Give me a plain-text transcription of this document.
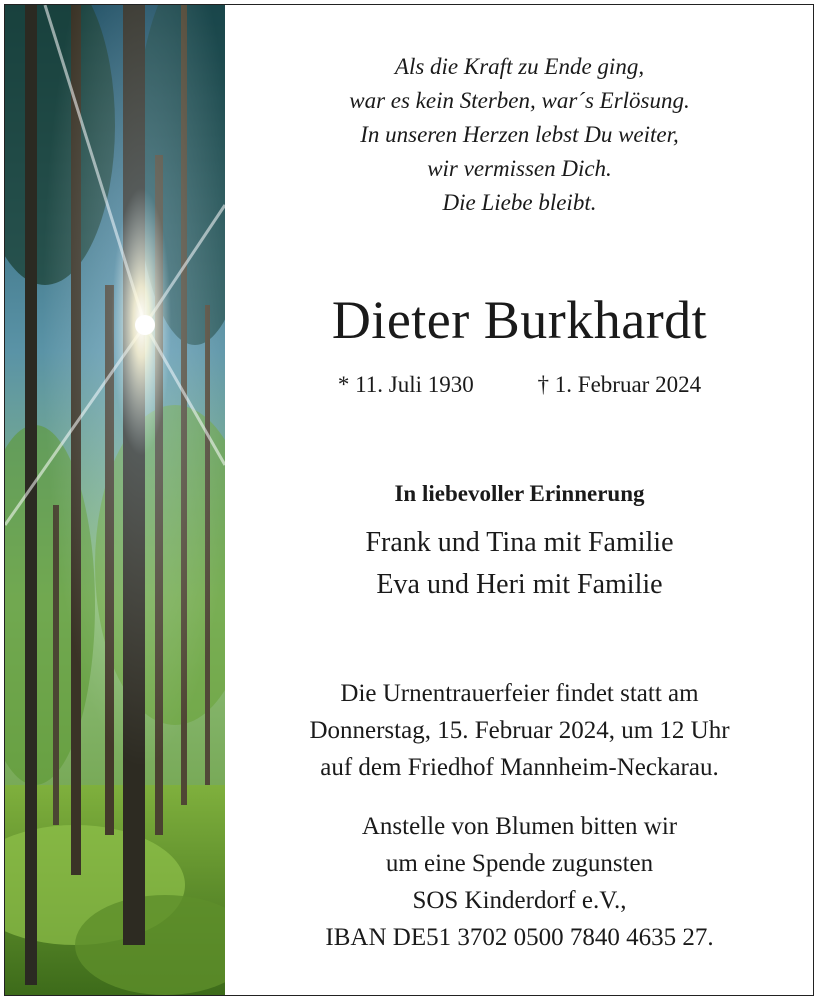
Als die Kraft zu Ende ging,
war es kein Sterben, war´s Erlösung.
In unseren Herzen lebst Du weiter,
wir vermissen Dich.
Die Liebe bleibt.
Dieter Burkhardt
* 11. Juli 1930	† 1. Februar 2024
In liebevoller Erinnerung
Frank und Tina mit Familie
Eva und Heri mit Familie
Die Urnentrauerfeier findet statt am
Donnerstag, 15. Februar 2024, um 12 Uhr
auf dem Friedhof Mannheim-Neckarau.
Anstelle von Blumen bitten wir
um eine Spende zugunsten
SOS Kinderdorf e.V.,
IBAN DE51 3702 0500 7840 4635 27.
